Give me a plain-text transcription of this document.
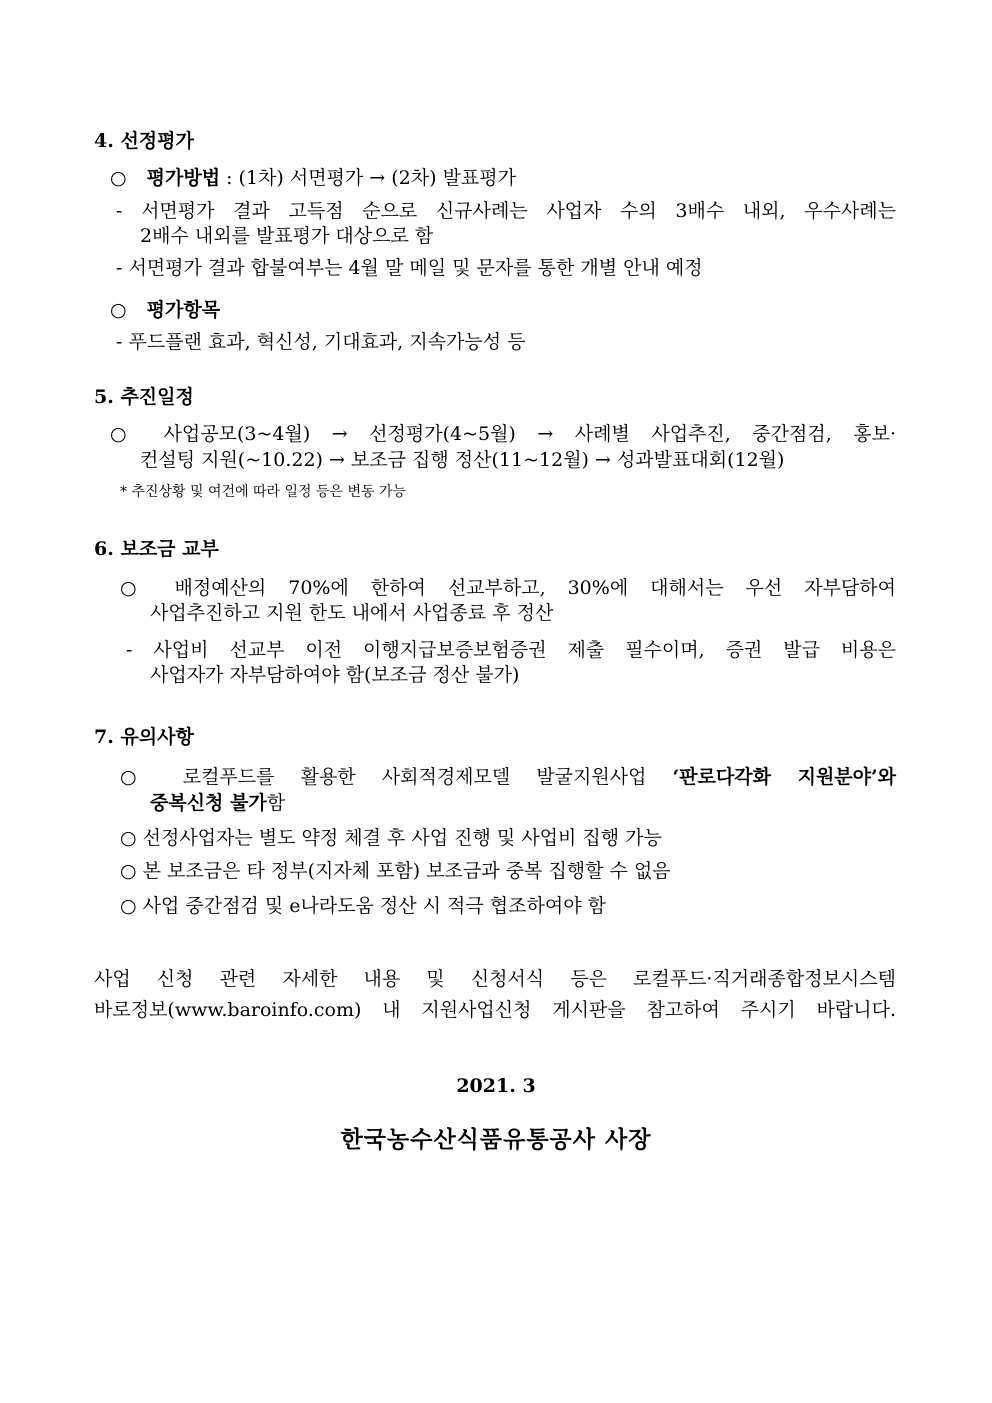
4. 선정평가
○ 평가방법 : (1차) 서면평가 → (2차) 발표평가
- 서면평가 결과 고득점 순으로 신규사례는 사업자 수의 3배수 내외, 우수사례는
2배수 내외를 발표평가 대상으로 함
- 서면평가 결과 합불여부는 4월 말 메일 및 문자를 통한 개별 안내 예정
○ 평가항목
- 푸드플랜 효과, 혁신성, 기대효과, 지속가능성 등
5. 추진일정
○ 사업공모(3~4월) → 선정평가(4~5월) → 사례별 사업추진, 중간점검, 홍보·
컨설팅 지원(~10.22) → 보조금 집행 정산(11~12월) → 성과발표대회(12월)
* 추진상황 및 여건에 따라 일정 등은 변동 가능
6. 보조금 교부
○ 배정예산의 70%에 한하여 선교부하고, 30%에 대해서는 우선 자부담하여
사업추진하고 지원 한도 내에서 사업종료 후 정산
- 사업비 선교부 이전 이행지급보증보험증권 제출 필수이며, 증권 발급 비용은
사업자가 자부담하여야 함(보조금 정산 불가)
7. 유의사항
○ 로컬푸드를 활용한 사회적경제모델 발굴지원사업 ‘판로다각화 지원분야’와
중복신청 불가함
○ 선정사업자는 별도 약정 체결 후 사업 진행 및 사업비 집행 가능
○ 본 보조금은 타 정부(지자체 포함) 보조금과 중복 집행할 수 없음
○ 사업 중간점검 및 e나라도움 정산 시 적극 협조하여야 함
사업 신청 관련 자세한 내용 및 신청서식 등은 로컬푸드·직거래종합정보시스템
바로정보(www.baroinfo.com) 내 지원사업신청 게시판을 참고하여 주시기 바랍니다.
2021. 3
한국농수산식품유통공사 사장
